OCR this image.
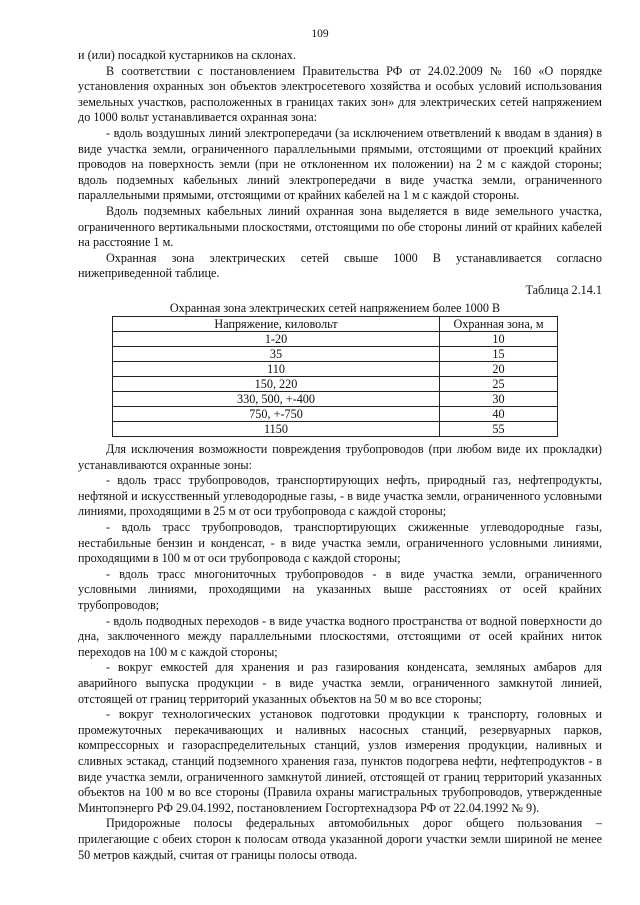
109

и (или) посадкой кустарников на склонах.

В соответствии с постановлением Правительства РФ от 24.02.2009 № 160 «О порядке установления охранных зон объектов электросетевого хозяйства и особых условий использования земельных участков, расположенных в границах таких зон» для электрических сетей напряжением до 1000 вольт устанавливается охранная зона:

- вдоль воздушных линий электропередачи (за исключением ответвлений к вводам в здания) в виде участка земли, ограниченного параллельными прямыми, отстоящими от проекций крайних проводов на поверхность земли (при не отклоненном их положении) на 2 м с каждой стороны; вдоль подземных кабельных линий электропередачи в виде участка земли, ограниченного параллельными прямыми, отстоящими от крайних кабелей на 1 м с каждой стороны.

Вдоль подземных кабельных линий охранная зона выделяется в виде земельного участка, ограниченного вертикальными плоскостями, отстоящими по обе стороны линий от крайних кабелей на расстояние 1 м.

Охранная зона электрических сетей свыше 1000 В устанавливается согласно нижеприведенной таблице.

Таблица 2.14.1
Охранная зона электрических сетей напряжением более 1000 В
Напряжение, киловольт	Охранная зона, м
1-20	10
35	15
110	20
150, 220	25
330, 500, +-400	30
750, +-750	40
1150	55

Для исключения возможности повреждения трубопроводов (при любом виде их прокладки) устанавливаются охранные зоны:

- вдоль трасс трубопроводов, транспортирующих нефть, природный газ, нефтепродукты, нефтяной и искусственный углеводородные газы, - в виде участка земли, ограниченного условными линиями, проходящими в 25 м от оси трубопровода с каждой стороны;

- вдоль трасс трубопроводов, транспортирующих сжиженные углеводородные газы, нестабильные бензин и конденсат, - в виде участка земли, ограниченного условными линиями, проходящими в 100 м от оси трубопровода с каждой стороны;

- вдоль трасс многониточных трубопроводов - в виде участка земли, ограниченного условными линиями, проходящими на указанных выше расстояниях от осей крайних трубопроводов;

- вдоль подводных переходов - в виде участка водного пространства от водной поверхности до дна, заключенного между параллельными плоскостями, отстоящими от осей крайних ниток переходов на 100 м с каждой стороны;

- вокруг емкостей для хранения и раз газирования конденсата, земляных амбаров для аварийного выпуска продукции - в виде участка земли, ограниченного замкнутой линией, отстоящей от границ территорий указанных объектов на 50 м во все стороны;

- вокруг технологических установок подготовки продукции к транспорту, головных и промежуточных перекачивающих и наливных насосных станций, резервуарных парков, компрессорных и газораспределительных станций, узлов измерения продукции, наливных и сливных эстакад, станций подземного хранения газа, пунктов подогрева нефти, нефтепродуктов - в виде участка земли, ограниченного замкнутой линией, отстоящей от границ территорий указанных объектов на 100 м во все стороны (Правила охраны магистральных трубопроводов, утвержденные Минтопэнерго РФ 29.04.1992, постановлением Госгортехнадзора РФ от 22.04.1992 № 9).

Придорожные полосы федеральных автомобильных дорог общего пользования – прилегающие с обеих сторон к полосам отвода указанной дороги участки земли шириной не менее 50 метров каждый, считая от границы полосы отвода.
